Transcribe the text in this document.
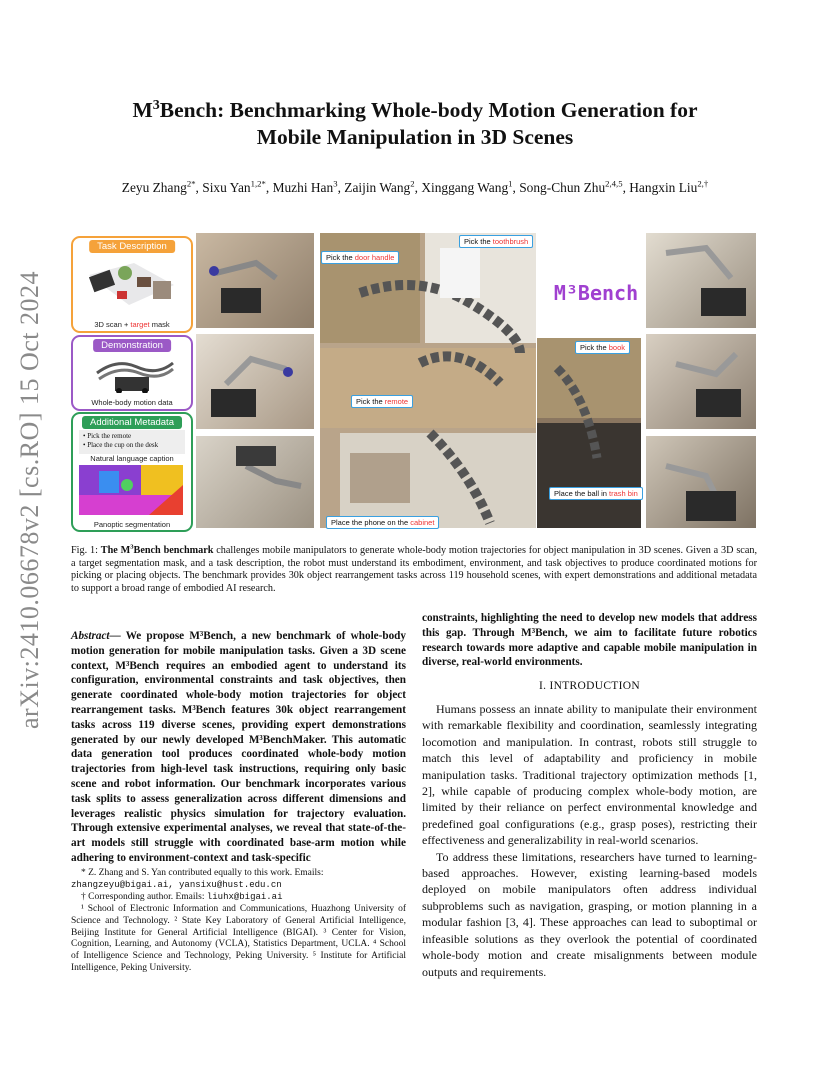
arXiv:2410.06678v2 [cs.RO] 15 Oct 2024
$M^3Bench$: Benchmarking Whole-body Motion Generation for
Mobile Manipulation in 3D Scenes
Zeyu Zhang$^{2*}$, Sixu Yan$^{1,2*}$, Muzhi Han$^3$, Zaijin Wang$^2$, Xinggang Wang$^1$, Song-Chun Zhu$^{2,4,5}$, Hangxin Liu$^{2,\dagger}$
Task Description
3D scan + target mask
Demonstration
Whole-body motion data
Additional Metadata
• Pick the remote
• Place the cup on the desk
Natural language caption
Panoptic segmentation
M³Bench
Pick the door handle
Pick the toothbrush
Pick the book
Pick the remote
Place the ball in trash bin
Place the phone on the cabinet
Fig. 1: The $M^3Bench$ benchmark challenges mobile manipulators to generate whole-body motion trajectories for object manipulation in 3D scenes. Given a 3D scan, a target segmentation mask, and a task description, the robot must understand its embodiment, environment, and task objectives to produce coordinated motions for picking or placing objects. The benchmark provides 30k object rearrangement tasks across 119 household scenes, with expert demonstrations and additional metadata to support a broad range of embodied AI research.
Abstract— We propose M³Bench, a new benchmark of whole-body motion generation for mobile manipulation tasks. Given a 3D scene context, M³Bench requires an embodied agent to understand its configuration, environmental constraints and task objectives, then generate coordinated whole-body motion trajectories for object rearrangement tasks. M³Bench features 30k object rearrangement tasks across 119 diverse scenes, providing expert demonstrations generated by our newly developed M³BenchMaker. This automatic data generation tool produces coordinated whole-body motion trajectories from high-level task instructions, requiring only basic scene and robot information. Our benchmark incorporates various task splits to assess generalization across different dimensions and leverages realistic physics simulation for trajectory evaluation. Through extensive experimental analyses, we reveal that state-of-the-art models still struggle with coordinated base-arm motion while adhering to environment-context and task-specific

* Z. Zhang and S. Yan contributed equally to this work. Emails:
zhangzeyu@bigai.ai, yansixu@hust.edu.cn

† Corresponding author. Emails: liuhx@bigai.ai

¹ School of Electronic Information and Communications, Huazhong University of Science and Technology. ² State Key Laboratory of General Artificial Intelligence, Beijing Institute for General Artificial Intelligence (BIGAI). ³ Center for Vision, Cognition, Learning, and Autonomy (VCLA), Statistics Department, UCLA. ⁴ School of Intelligence Science and Technology, Peking University. ⁵ Institute for Artificial Intelligence, Peking University.

constraints, highlighting the need to develop new models that address this gap. Through M³Bench, we aim to facilitate future robotics research towards more adaptive and capable mobile manipulation in diverse, real-world environments.
I. INTRODUCTION

Humans possess an innate ability to manipulate their environment with remarkable flexibility and coordination, seamlessly integrating locomotion and manipulation. In contrast, robots still struggle to match this level of adaptability and proficiency in mobile manipulation tasks. Traditional trajectory optimization methods [1, 2], while capable of producing complex whole-body motion, are limited by their reliance on perfect environmental knowledge and predefined goal configurations (e.g., grasp poses), restricting their effectiveness and generalizability in real-world scenarios.

To address these limitations, researchers have turned to learning-based approaches. However, existing learning-based models deployed on mobile manipulators often address individual subproblems such as navigation, grasping, or motion planning in a modular fashion [3, 4]. These approaches can lead to suboptimal or infeasible solutions as they overlook the potential of coordinated whole-body motion and create misalignments between module outputs and requirements.
